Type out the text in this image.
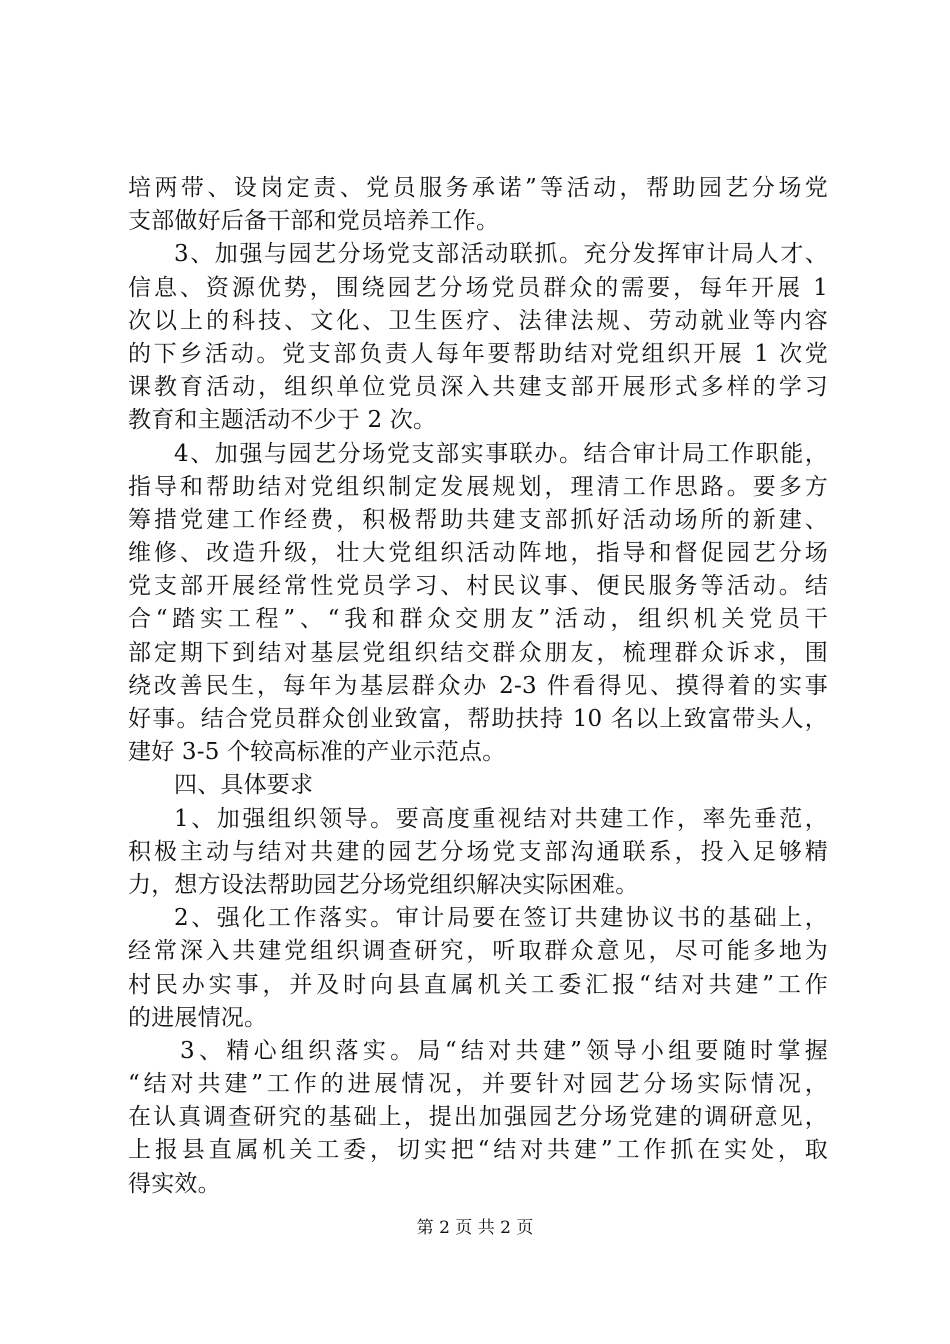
培两带、设岗定责、党员服务承诺”等活动，帮助园艺分场党
支部做好后备干部和党员培养工作。
3、加强与园艺分场党支部活动联抓。充分发挥审计局人才、
信息、资源优势，围绕园艺分场党员群众的需要，每年开展 1
次以上的科技、文化、卫生医疗、法律法规、劳动就业等内容
的下乡活动。党支部负责人每年要帮助结对党组织开展 1 次党
课教育活动，组织单位党员深入共建支部开展形式多样的学习
教育和主题活动不少于 2 次。
4、加强与园艺分场党支部实事联办。结合审计局工作职能，
指导和帮助结对党组织制定发展规划，理清工作思路。要多方
筹措党建工作经费，积极帮助共建支部抓好活动场所的新建、
维修、改造升级，壮大党组织活动阵地，指导和督促园艺分场
党支部开展经常性党员学习、村民议事、便民服务等活动。结
合“踏实工程”、“我和群众交朋友”活动，组织机关党员干
部定期下到结对基层党组织结交群众朋友，梳理群众诉求，围
绕改善民生，每年为基层群众办 2-3 件看得见、摸得着的实事
好事。结合党员群众创业致富，帮助扶持 10 名以上致富带头人，
建好 3-5 个较高标准的产业示范点。
四、具体要求
1、加强组织领导。要高度重视结对共建工作，率先垂范，
积极主动与结对共建的园艺分场党支部沟通联系，投入足够精
力，想方设法帮助园艺分场党组织解决实际困难。
2、强化工作落实。审计局要在签订共建协议书的基础上，
经常深入共建党组织调查研究，听取群众意见，尽可能多地为
村民办实事，并及时向县直属机关工委汇报“结对共建”工作
的进展情况。
3、精心组织落实。局“结对共建”领导小组要随时掌握
“结对共建”工作的进展情况，并要针对园艺分场实际情况，
在认真调查研究的基础上，提出加强园艺分场党建的调研意见，
上报县直属机关工委，切实把“结对共建”工作抓在实处，取
得实效。
第 2 页 共 2 页
